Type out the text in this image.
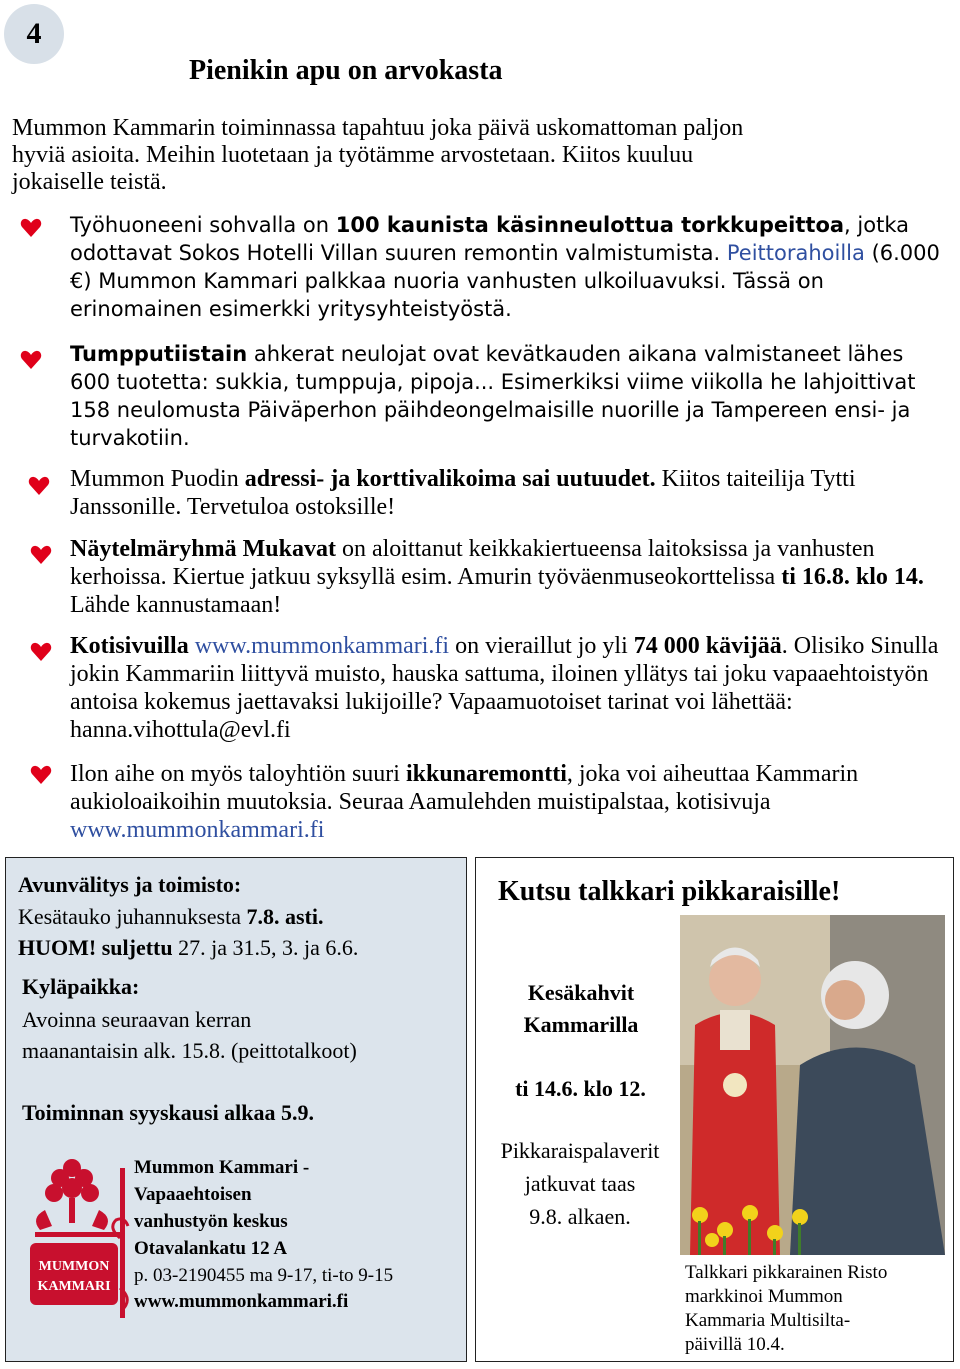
4
Pienikin apu on arvokasta
Mummon Kammarin toiminnassa tapahtuu joka päivä uskomattoman paljon
hyviä asioita. Meihin luotetaan ja työtämme arvostetaan. Kiitos kuuluu
jokaiselle teistä.
Työhuoneeni sohvalla on 100 kaunista käsinneulottua torkkupeittoa, jotka odottavat Sokos Hotelli Villan suuren remontin valmistumista. Peittorahoilla (6.000 €) Mummon Kammari palkkaa nuoria vanhusten ulkoiluavuksi. Tässä on erinomainen esimerkki yritysyhteistyöstä.
Tumpputiistain ahkerat neulojat ovat kevätkauden aikana valmistaneet lähes 600 tuotetta: sukkia, tumppuja, pipoja... Esimerkiksi viime viikolla he lahjoittivat 158 neulomusta Päiväperhon päihdeongelmaisille nuorille ja Tampereen ensi- ja turvakotiin.
Mummon Puodin adressi- ja korttivalikoima sai uutuudet. Kiitos taiteilija Tytti Janssonille. Tervetuloa ostoksille!
Näytelmäryhmä Mukavat on aloittanut keikkakiertueensa laitoksissa ja vanhusten kerhoissa. Kiertue jatkuu syksyllä esim. Amurin työväenmuseokorttelissa ti 16.8. klo 14. Lähde kannustamaan!
Kotisivuilla www.mummonkammari.fi on vieraillut jo yli 74 000 kävijää. Olisiko Sinulla jokin Kammariin liittyvä muisto, hauska sattuma, iloinen yllätys tai joku vapaaehtoistyön antoisa kokemus jaettavaksi lukijoille? Vapaamuotoiset tarinat voi lähettää: hanna.vihottula@evl.fi
Ilon aihe on myös taloyhtiön suuri ikkunaremontti, joka voi aiheuttaa Kammarin aukioloaikoihin muutoksia. Seuraa Aamulehden muistipalstaa, kotisivuja www.mummonkammari.fi
Avunvälitys ja toimisto:
Kesätauko juhannuksesta 7.8. asti.
HUOM! suljettu 27. ja 31.5, 3. ja 6.6.
Kyläpaikka:
Avoinna seuraavan kerran
maanantaisin alk. 15.8. (peittotalkoot)
Toiminnan syyskausi alkaa 5.9.
MUMMON
KAMMARI
Mummon Kammari -
Vapaaehtoisen
vanhustyön keskus
Otavalankatu 12 A
p. 03-2190455 ma 9-17, ti-to 9-15
www.mummonkammari.fi
Kutsu talkkari pikkaraisille!
Kesäkahvit
Kammarilla
ti 14.6. klo 12.
Pikkaraispalaverit
jatkuvat taas
9.8. alkaen.
Talkkari pikkarainen Risto
markkinoi Mummon
Kammaria Multisilta-
päivillä 10.4.
